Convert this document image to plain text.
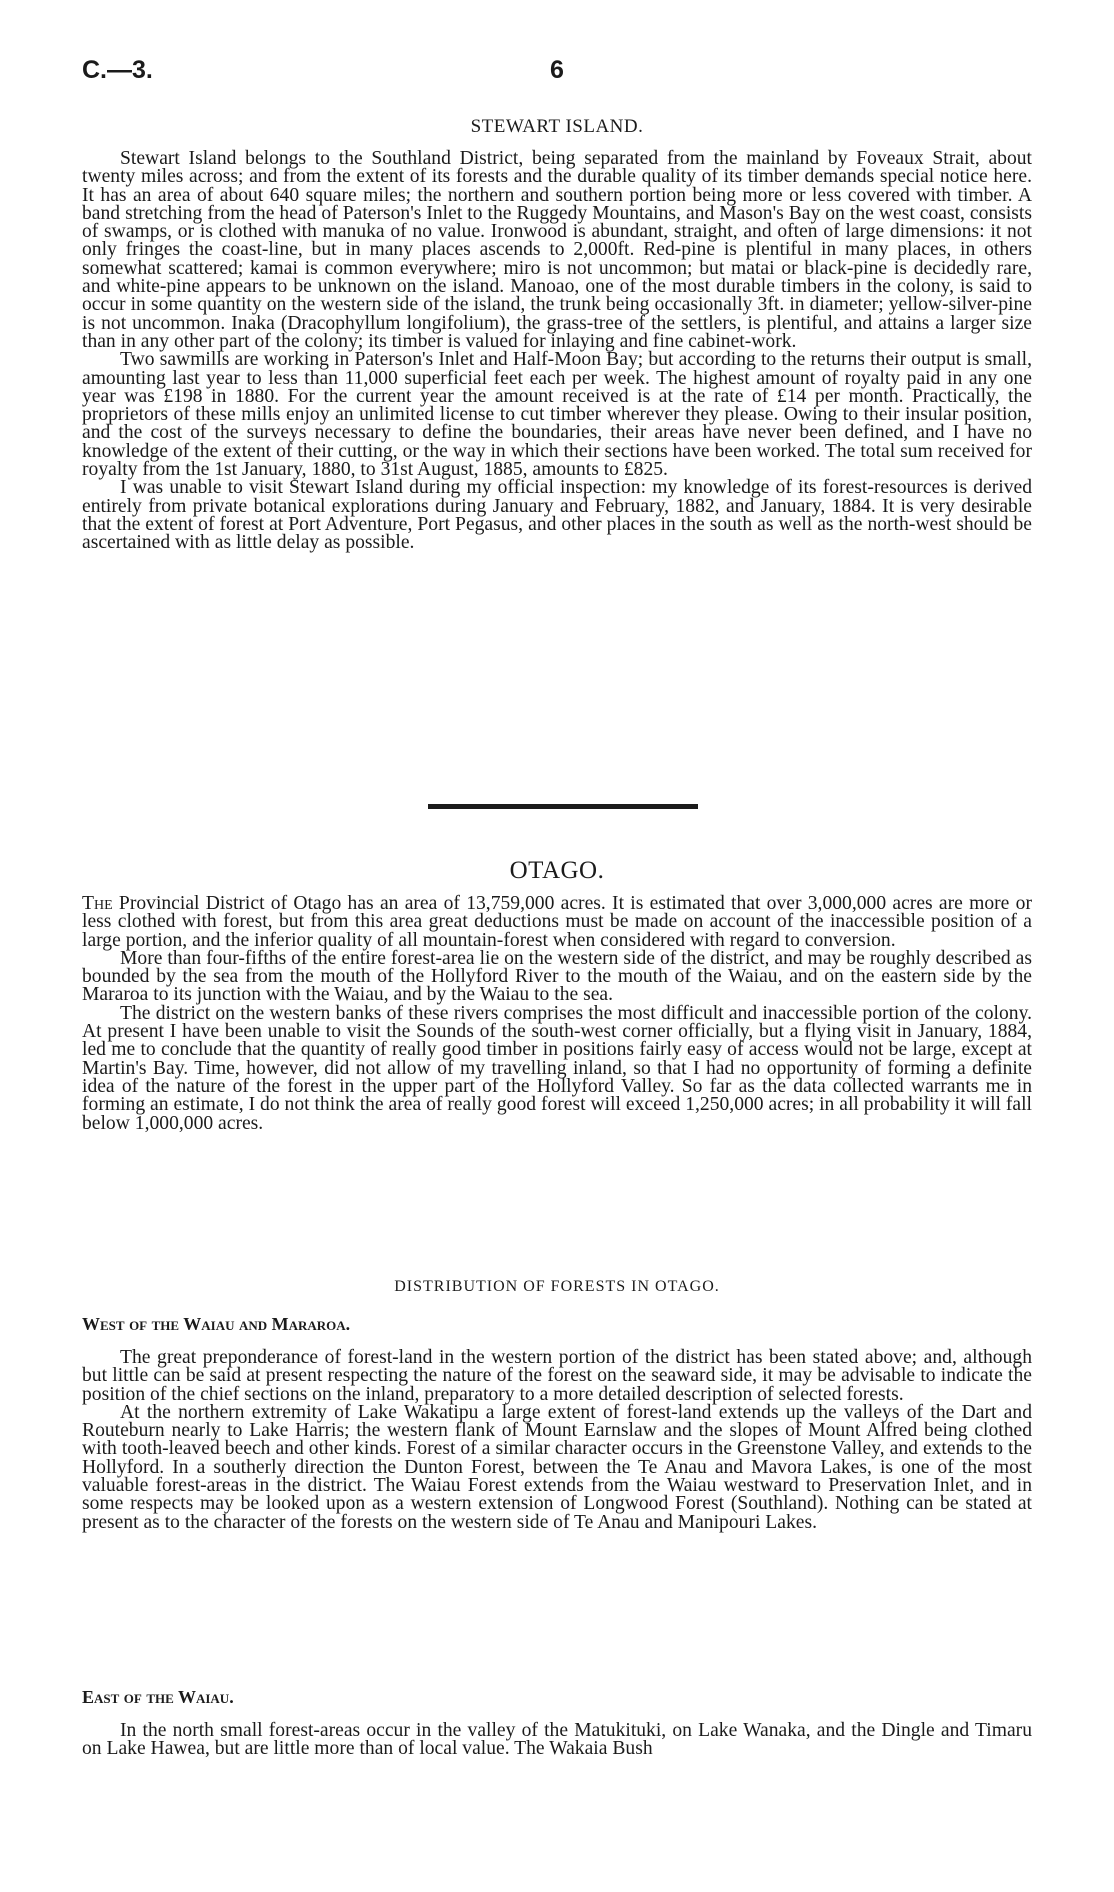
C.—3.	6
STEWART ISLAND.

Stewart Island belongs to the Southland District, being separated from the mainland by Foveaux Strait, about twenty miles across; and from the extent of its forests and the durable quality of its timber demands special notice here. It has an area of about 640 square miles; the northern and southern portion being more or less covered with timber. A band stretching from the head of Paterson's Inlet to the Ruggedy Mountains, and Mason's Bay on the west coast, consists of swamps, or is clothed with manuka of no value. Ironwood is abundant, straight, and often of large dimensions: it not only fringes the coast-line, but in many places ascends to 2,000ft. Red-pine is plentiful in many places, in others somewhat scattered; kamai is common everywhere; miro is not uncommon; but matai or black-pine is decidedly rare, and white-pine appears to be unknown on the island. Manoao, one of the most durable timbers in the colony, is said to occur in some quantity on the western side of the island, the trunk being occasionally 3ft. in diameter; yellow-silver-pine is not uncommon. Inaka (Dracophyllum longifolium), the grass-tree of the settlers, is plentiful, and attains a larger size than in any other part of the colony; its timber is valued for inlaying and fine cabinet-work.

Two sawmills are working in Paterson's Inlet and Half-Moon Bay; but according to the returns their output is small, amounting last year to less than 11,000 superficial feet each per week. The highest amount of royalty paid in any one year was £198 in 1880. For the current year the amount received is at the rate of £14 per month. Practically, the proprietors of these mills enjoy an unlimited license to cut timber wherever they please. Owing to their insular position, and the cost of the surveys necessary to define the boundaries, their areas have never been defined, and I have no knowledge of the extent of their cutting, or the way in which their sections have been worked. The total sum received for royalty from the 1st January, 1880, to 31st August, 1885, amounts to £825.

I was unable to visit Stewart Island during my official inspection: my knowledge of its forest-resources is derived entirely from private botanical explorations during January and February, 1882, and January, 1884. It is very desirable that the extent of forest at Port Adventure, Port Pegasus, and other places in the south as well as the north-west should be ascertained with as little delay as possible.

OTAGO.

The Provincial District of Otago has an area of 13,759,000 acres. It is estimated that over 3,000,000 acres are more or less clothed with forest, but from this area great deductions must be made on account of the inaccessible position of a large portion, and the inferior quality of all mountain-forest when considered with regard to conversion.

More than four-fifths of the entire forest-area lie on the western side of the district, and may be roughly described as bounded by the sea from the mouth of the Hollyford River to the mouth of the Waiau, and on the eastern side by the Mararoa to its junction with the Waiau, and by the Waiau to the sea.

The district on the western banks of these rivers comprises the most difficult and inaccessible portion of the colony. At present I have been unable to visit the Sounds of the south-west corner officially, but a flying visit in January, 1884, led me to conclude that the quantity of really good timber in positions fairly easy of access would not be large, except at Martin's Bay. Time, however, did not allow of my travelling inland, so that I had no opportunity of forming a definite idea of the nature of the forest in the upper part of the Hollyford Valley. So far as the data collected warrants me in forming an estimate, I do not think the area of really good forest will exceed 1,250,000 acres; in all probability it will fall below 1,000,000 acres.

DISTRIBUTION OF FORESTS IN OTAGO.
West of the Waiau and Mararoa.

The great preponderance of forest-land in the western portion of the district has been stated above; and, although but little can be said at present respecting the nature of the forest on the seaward side, it may be advisable to indicate the position of the chief sections on the inland, preparatory to a more detailed description of selected forests.

At the northern extremity of Lake Wakatipu a large extent of forest-land extends up the valleys of the Dart and Routeburn nearly to Lake Harris; the western flank of Mount Earnslaw and the slopes of Mount Alfred being clothed with tooth-leaved beech and other kinds. Forest of a similar character occurs in the Greenstone Valley, and extends to the Hollyford. In a southerly direction the Dunton Forest, between the Te Anau and Mavora Lakes, is one of the most valuable forest-areas in the district. The Waiau Forest extends from the Waiau westward to Preservation Inlet, and in some respects may be looked upon as a western extension of Longwood Forest (Southland). Nothing can be stated at present as to the character of the forests on the western side of Te Anau and Manipouri Lakes.

East of the Waiau.

In the north small forest-areas occur in the valley of the Matukituki, on Lake Wanaka, and the Dingle and Timaru on Lake Hawea, but are little more than of local value. The Wakaia Bush
